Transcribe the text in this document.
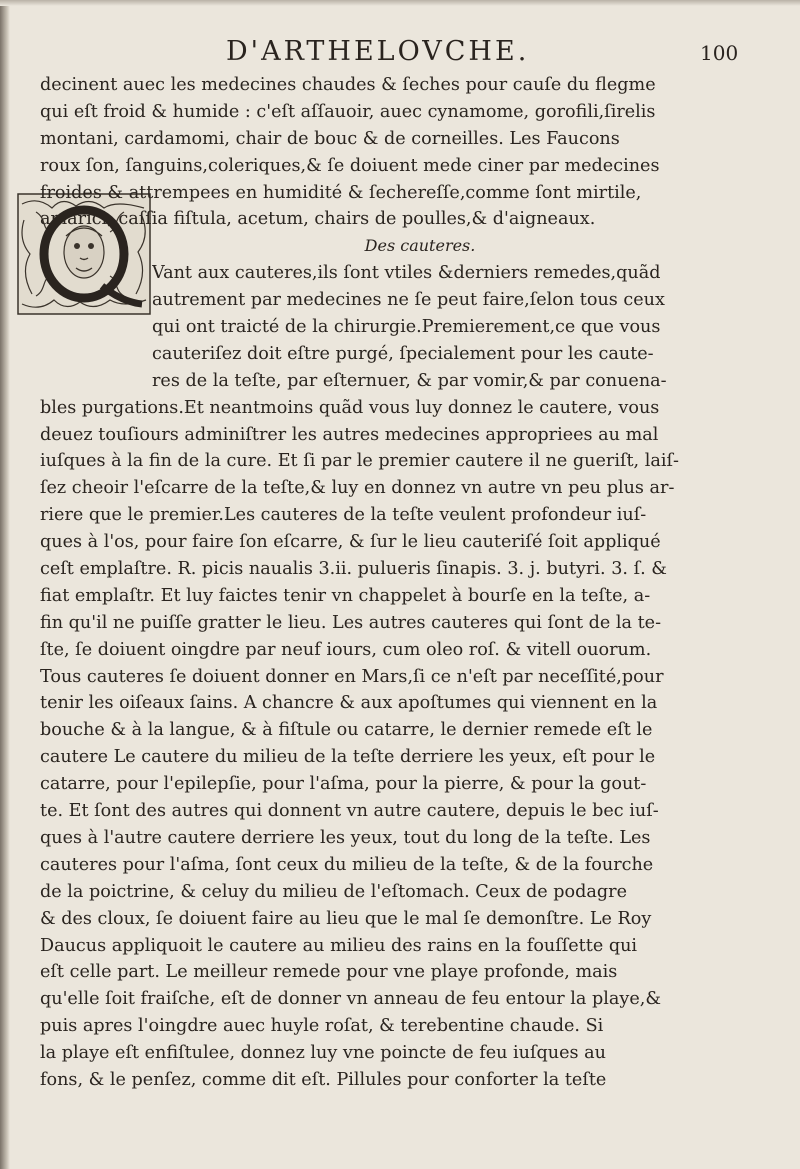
D'ARTHELOVCHE.	100
decinent auec les medecines chaudes & ſeches pour cauſe du flegme
qui eſt froid & humide : c'eſt aſſauoir, auec cynamome, gorofili,ſirelis
montani, cardamomi, chair de bouc & de corneilles. Les Faucons
roux ſon, ſanguins,coleriques,& ſe doiuent mede ciner par medecines
froides & attrempees en humidité & ſechereſſe,comme ſont mirtile,
amarici, caſſia fiſtula, acetum, chairs de poulles,& d'aigneaux.
Des cauteres.
Vant aux cauteres,ils ſont vtiles &derniers remedes,quãd
autrement par medecines ne ſe peut faire,ſelon tous ceux
qui ont traicté de la chirurgie.Premierement,ce que vous
cauteriſez doit eſtre purgé, ſpecialement pour les caute-
res de la teſte, par eſternuer, & par vomir,& par conuena-
bles purgations.Et neantmoins quãd vous luy donnez le cautere, vous
deuez touſiours adminiſtrer les autres medecines appropriees au mal
iuſques à la fin de la cure. Et ſi par le premier cautere il ne gueriſt, laiſ-
ſez cheoir l'eſcarre de la teſte,& luy en donnez vn autre vn peu plus ar-
riere que le premier.Les cauteres de la teſte veulent profondeur iuſ-
ques à l'os, pour faire ſon eſcarre, & ſur le lieu cauteriſé ſoit appliqué
ceſt emplaſtre. R. picis naualis 3.ii. pulueris ſinapis. 3. j. butyri. 3. ſ. &
fiat emplaſtr. Et luy faictes tenir vn chappelet à bourſe en la teſte, a-
fin qu'il ne puiſſe gratter le lieu. Les autres cauteres qui ſont de la te-
ſte, ſe doiuent oingdre par neuf iours, cum oleo roſ. & vitell ouorum.
Tous cauteres ſe doiuent donner en Mars,ſi ce n'eſt par neceſſité,pour
tenir les oiſeaux ſains. A chancre & aux apoſtumes qui viennent en la
bouche & à la langue, & à fiſtule ou catarre, le dernier remede eſt le
cautere Le cautere du milieu de la teſte derriere les yeux, eſt pour le
catarre, pour l'epilepſie, pour l'aſma, pour la pierre, & pour la gout-
te. Et ſont des autres qui donnent vn autre cautere, depuis le bec iuſ-
ques à l'autre cautere derriere les yeux, tout du long de la teſte. Les
cauteres pour l'aſma, ſont ceux du milieu de la teſte, & de la fourche
de la poictrine, & celuy du milieu de l'eſtomach. Ceux de podagre
& des cloux, ſe doiuent faire au lieu que le mal ſe demonſtre. Le Roy
Daucus appliquoit le cautere au milieu des rains en la fouſſette qui
eſt celle part. Le meilleur remede pour vne playe profonde, mais
qu'elle ſoit fraiſche, eſt de donner vn anneau de feu entour la playe,&
puis apres l'oingdre auec huyle roſat, & terebentine chaude. Si
la playe eſt enfiſtulee, donnez luy vne poincte de feu iuſques au
fons, & le penſez, comme dit eſt. Pillules pour conforter la teſte
